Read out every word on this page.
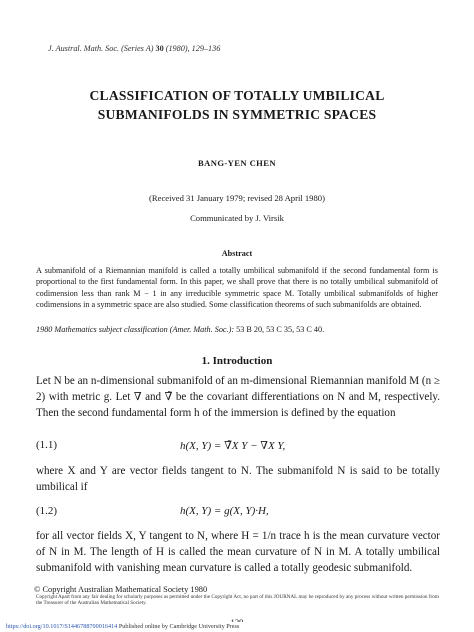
J. Austral. Math. Soc. (Series A) 30 (1980), 129–136
CLASSIFICATION OF TOTALLY UMBILICAL
SUBMANIFOLDS IN SYMMETRIC SPACES
BANG-YEN CHEN
(Received 31 January 1979; revised 28 April 1980)
Communicated by J. Virsik
Abstract
A submanifold of a Riemannian manifold is called a totally umbilical submanifold if the second fundamental form is proportional to the first fundamental form. In this paper, we shall prove that there is no totally umbilical submanifold of codimension less than rank M − 1 in any irreducible symmetric space M. Totally umbilical submanifolds of higher codimensions in a symmetric space are also studied. Some classification theorems of such submanifolds are obtained.
1980 Mathematics subject classification (Amer. Math. Soc.): 53 B 20, 53 C 35, 53 C 40.
1. Introduction
Let N be an n-dimensional submanifold of an m-dimensional Riemannian manifold M (n ≥ 2) with metric g. Let ∇ and ∇̃ be the covariant differentiations on N and M, respectively. Then the second fundamental form h of the immersion is defined by the equation
(1.1)	h(X, Y) = ∇̃X Y − ∇X Y,
where X and Y are vector fields tangent to N. The submanifold N is said to be totally umbilical if
(1.2)	h(X, Y) = g(X, Y)·H,
for all vector fields X, Y tangent to N, where H = 1/n trace h is the mean curvature vector of N in M. The length of H is called the mean curvature of N in M. A totally umbilical submanifold with vanishing mean curvature is called a totally geodesic submanifold.
© Copyright Australian Mathematical Society 1980
Copyright Apart from any fair dealing for scholarly purposes as permitted under the Copyright Act, no part of this JOURNAL may be reproduced by any process without written permission from the Treasurer of the Australian Mathematical Society.
https://doi.org/10.1017/S1446788700016414 Published online by Cambridge University Press
